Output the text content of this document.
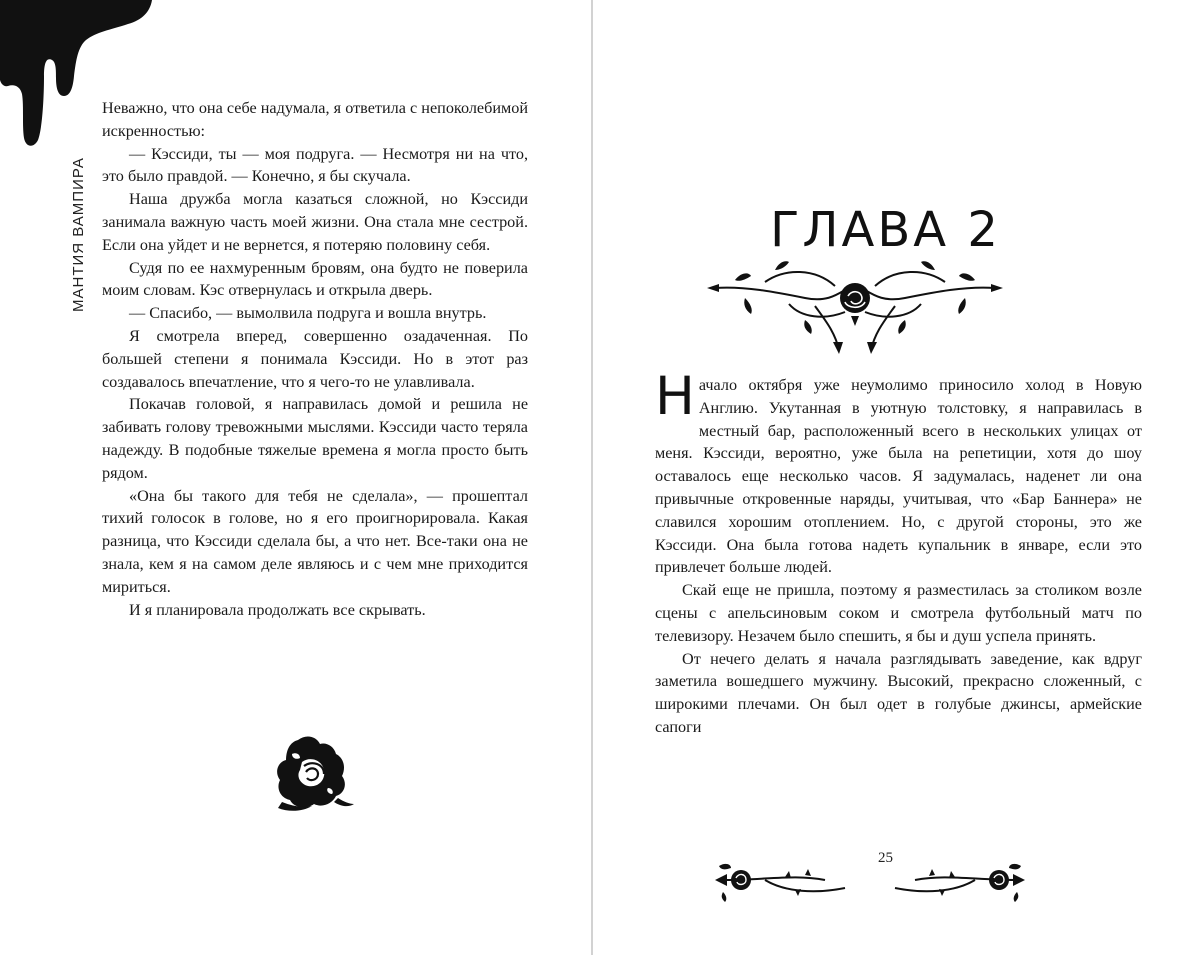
МАНТИЯ ВАМПИРА

Неважно, что она себе надумала, я ответила с непоколебимой искренностью:

— Кэссиди, ты — моя подруга. — Несмотря ни на что, это было правдой. — Конечно, я бы скучала.

Наша дружба могла казаться сложной, но Кэссиди занимала важную часть моей жизни. Она стала мне сестрой. Если она уйдет и не вернется, я потеряю половину себя.

Судя по ее нахмуренным бровям, она будто не поверила моим словам. Кэс отвернулась и открыла дверь.

— Спасибо, — вымолвила подруга и вошла внутрь.

Я смотрела вперед, совершенно озадаченная. По большей степени я понимала Кэссиди. Но в этот раз создавалось впечатление, что я чего-то не улавливала.

Покачав головой, я направилась домой и решила не забивать голову тревожными мыслями. Кэссиди часто теряла надежду. В подобные тяжелые времена я могла просто быть рядом.

«Она бы такого для тебя не сделала», — прошептал тихий голосок в голове, но я его проигнорировала. Какая разница, что Кэссиди сделала бы, а что нет. Все-таки она не знала, кем я на самом деле являюсь и с чем мне приходится мириться.

И я планировала продолжать все скрывать.

ГЛАВА 2

Начало октября уже неумолимо приносило холод в Новую Англию. Укутанная в уютную толстовку, я направилась в местный бар, расположенный всего в нескольких улицах от меня. Кэссиди, вероятно, уже была на репетиции, хотя до шоу оставалось еще несколько часов. Я задумалась, наденет ли она привычные откровенные наряды, учитывая, что «Бар Баннера» не славился хорошим отоплением. Но, с другой стороны, это же Кэссиди. Она была готова надеть купальник в январе, если это привлечет больше людей.

Скай еще не пришла, поэтому я разместилась за столиком возле сцены с апельсиновым соком и смотрела футбольный матч по телевизору. Незачем было спешить, я бы и душ успела принять.

От нечего делать я начала разглядывать заведение, как вдруг заметила вошедшего мужчину. Высокий, прекрасно сложенный, с широкими плечами. Он был одет в голубые джинсы, армейские сапоги

25
